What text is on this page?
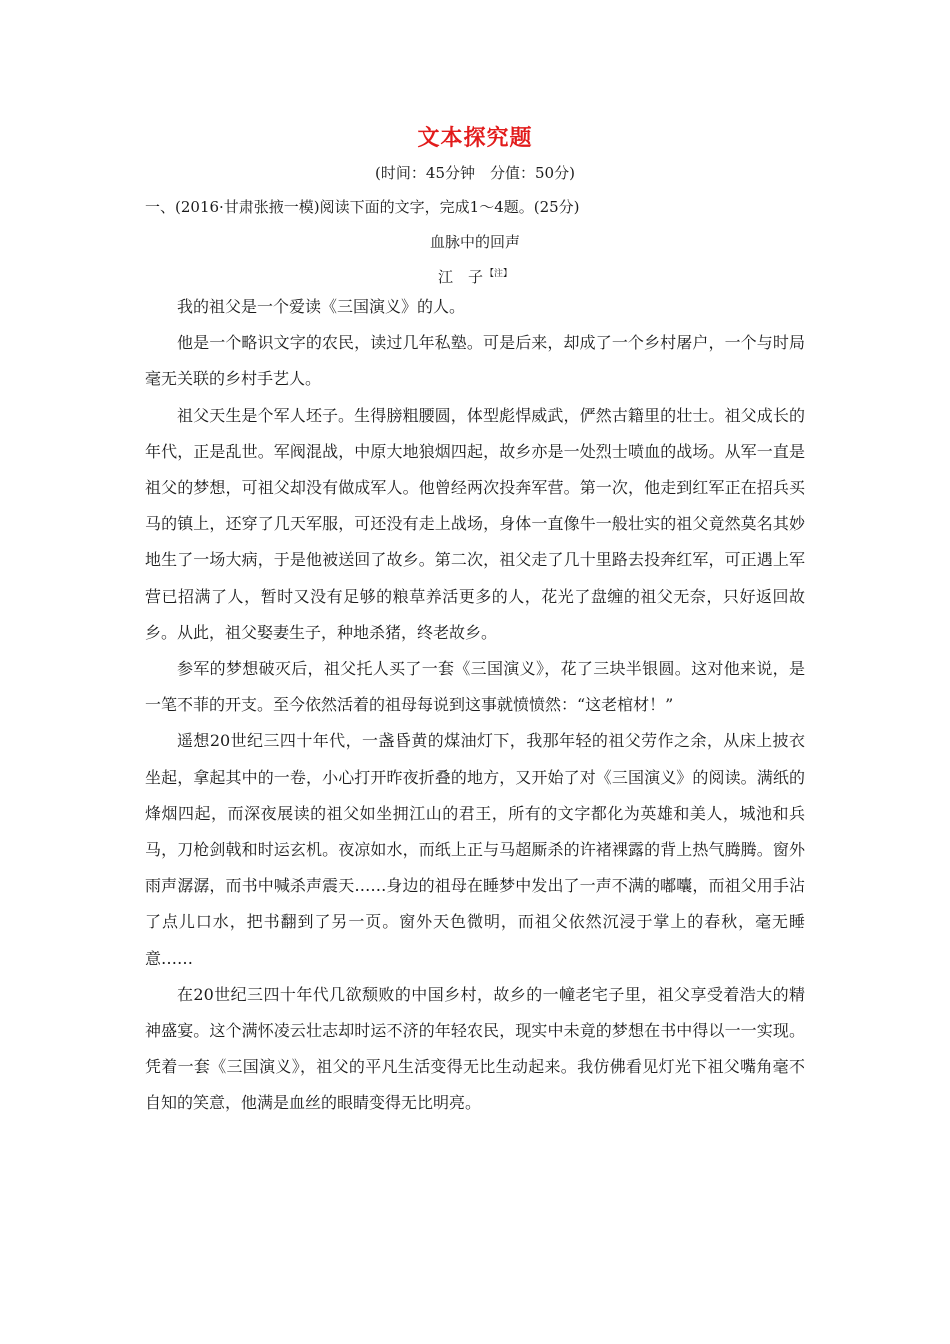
文本探究题
(时间：45分钟　分值：50分)
一、(2016·甘肃张掖一模)阅读下面的文字，完成1～4题。(25分)
血脉中的回声
江　子 $^{【注】}$

我的祖父是一个爱读《三国演义》的人。

他是一个略识文字的农民，读过几年私塾。可是后来，却成了一个乡村屠户，一个与时局毫无关联的乡村手艺人。

祖父天生是个军人坯子。生得膀粗腰圆，体型彪悍威武，俨然古籍里的壮士。祖父成长的年代，正是乱世。军阀混战，中原大地狼烟四起，故乡亦是一处烈士喷血的战场。从军一直是祖父的梦想，可祖父却没有做成军人。他曾经两次投奔军营。第一次，他走到红军正在招兵买马的镇上，还穿了几天军服，可还没有走上战场，身体一直像牛一般壮实的祖父竟然莫名其妙地生了一场大病，于是他被送回了故乡。第二次，祖父走了几十里路去投奔红军，可正遇上军营已招满了人，暂时又没有足够的粮草养活更多的人，花光了盘缠的祖父无奈，只好返回故乡。从此，祖父娶妻生子，种地杀猪，终老故乡。

参军的梦想破灭后，祖父托人买了一套《三国演义》，花了三块半银圆。这对他来说，是一笔不菲的开支。至今依然活着的祖母每说到这事就愤愤然：“这老棺材！”

遥想20世纪三四十年代，一盏昏黄的煤油灯下，我那年轻的祖父劳作之余，从床上披衣坐起，拿起其中的一卷，小心打开昨夜折叠的地方，又开始了对《三国演义》的阅读。满纸的烽烟四起，而深夜展读的祖父如坐拥江山的君王，所有的文字都化为英雄和美人，城池和兵马，刀枪剑戟和时运玄机。夜凉如水，而纸上正与马超厮杀的许褚裸露的背上热气腾腾。窗外雨声潺潺，而书中喊杀声震天……身边的祖母在睡梦中发出了一声不满的嘟囔，而祖父用手沾了点儿口水，把书翻到了另一页。窗外天色微明，而祖父依然沉浸于掌上的春秋，毫无睡意……

在20世纪三四十年代几欲颓败的中国乡村，故乡的一幢老宅子里，祖父享受着浩大的精神盛宴。这个满怀凌云壮志却时运不济的年轻农民，现实中未竟的梦想在书中得以一一实现。凭着一套《三国演义》，祖父的平凡生活变得无比生动起来。我仿佛看见灯光下祖父嘴角毫不自知的笑意，他满是血丝的眼睛变得无比明亮。
